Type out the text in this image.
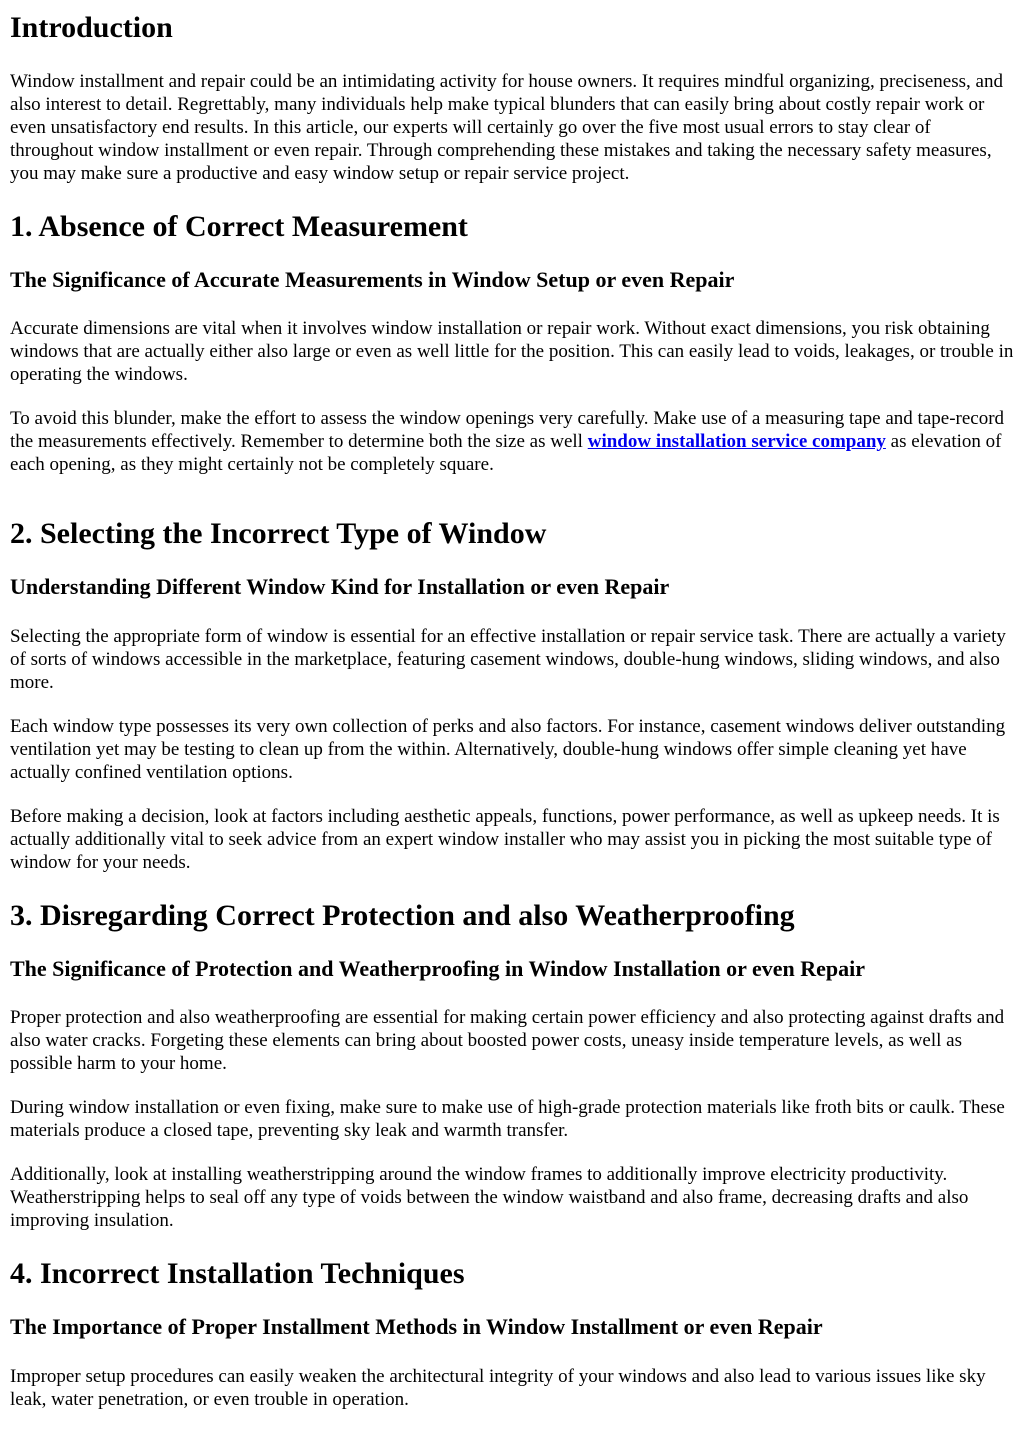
Introduction

Window installment and repair could be an intimidating activity for house owners. It requires mindful organizing, preciseness, and also interest to detail. Regrettably, many individuals help make typical blunders that can easily bring about costly repair work or even unsatisfactory end results. In this article, our experts will certainly go over the five most usual errors to stay clear of throughout window installment or even repair. Through comprehending these mistakes and taking the necessary safety measures, you may make sure a productive and easy window setup or repair service project.

1. Absence of Correct Measurement
The Significance of Accurate Measurements in Window Setup or even Repair

Accurate dimensions are vital when it involves window installation or repair work. Without exact dimensions, you risk obtaining windows that are actually either also large or even as well little for the position. This can easily lead to voids, leakages, or trouble in operating the windows.

To avoid this blunder, make the effort to assess the window openings very carefully. Make use of a measuring tape and tape-record the measurements effectively. Remember to determine both the size as well window installation service company as elevation of each opening, as they might certainly not be completely square.

2. Selecting the Incorrect Type of Window
Understanding Different Window Kind for Installation or even Repair

Selecting the appropriate form of window is essential for an effective installation or repair service task. There are actually a variety of sorts of windows accessible in the marketplace, featuring casement windows, double-hung windows, sliding windows, and also more.

Each window type possesses its very own collection of perks and also factors. For instance, casement windows deliver outstanding ventilation yet may be testing to clean up from the within. Alternatively, double-hung windows offer simple cleaning yet have actually confined ventilation options.

Before making a decision, look at factors including aesthetic appeals, functions, power performance, as well as upkeep needs. It is actually additionally vital to seek advice from an expert window installer who may assist you in picking the most suitable type of window for your needs.

3. Disregarding Correct Protection and also Weatherproofing
The Significance of Protection and Weatherproofing in Window Installation or even Repair

Proper protection and also weatherproofing are essential for making certain power efficiency and also protecting against drafts and also water cracks. Forgeting these elements can bring about boosted power costs, uneasy inside temperature levels, as well as possible harm to your home.

During window installation or even fixing, make sure to make use of high-grade protection materials like froth bits or caulk. These materials produce a closed tape, preventing sky leak and warmth transfer.

Additionally, look at installing weatherstripping around the window frames to additionally improve electricity productivity. Weatherstripping helps to seal off any type of voids between the window waistband and also frame, decreasing drafts and also improving insulation.

4. Incorrect Installation Techniques
The Importance of Proper Installment Methods in Window Installment or even Repair

Improper setup procedures can easily weaken the architectural integrity of your windows and also lead to various issues like sky leak, water penetration, or even trouble in operation.
